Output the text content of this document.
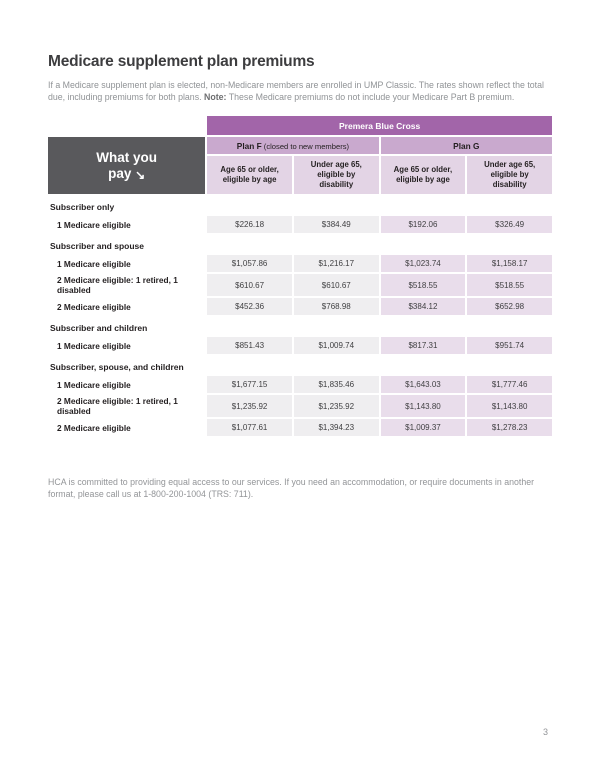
Medicare supplement plan premiums

If a Medicare supplement plan is elected, non-Medicare members are enrolled in UMP Classic. The rates shown reflect the total due, including premiums for both plans. Note: These Medicare premiums do not include your Medicare Part B premium.

	Premera Blue Cross			

What you
pay ↘	Plan F (closed to new members)		Plan G	
	Age 65 or older, eligible by age	Under age 65, eligible by disability	Age 65 or older, eligible by age	Under age 65, eligible by disability
Subscriber only				
1 Medicare eligible	$226.18	$384.49	$192.06	$326.49
Subscriber and spouse				
1 Medicare eligible	$1,057.86	$1,216.17	$1,023.74	$1,158.17
2 Medicare eligible: 1 retired, 1 disabled	$610.67	$610.67	$518.55	$518.55
2 Medicare eligible	$452.36	$768.98	$384.12	$652.98
Subscriber and children				
1 Medicare eligible	$851.43	$1,009.74	$817.31	$951.74
Subscriber, spouse, and children				
1 Medicare eligible	$1,677.15	$1,835.46	$1,643.03	$1,777.46
2 Medicare eligible: 1 retired, 1 disabled	$1,235.92	$1,235.92	$1,143.80	$1,143.80
2 Medicare eligible	$1,077.61	$1,394.23	$1,009.37	$1,278.23

HCA is committed to providing equal access to our services. If you need an accommodation, or require documents in another format, please call us at 1-800-200-1004 (TRS: 711).

3
